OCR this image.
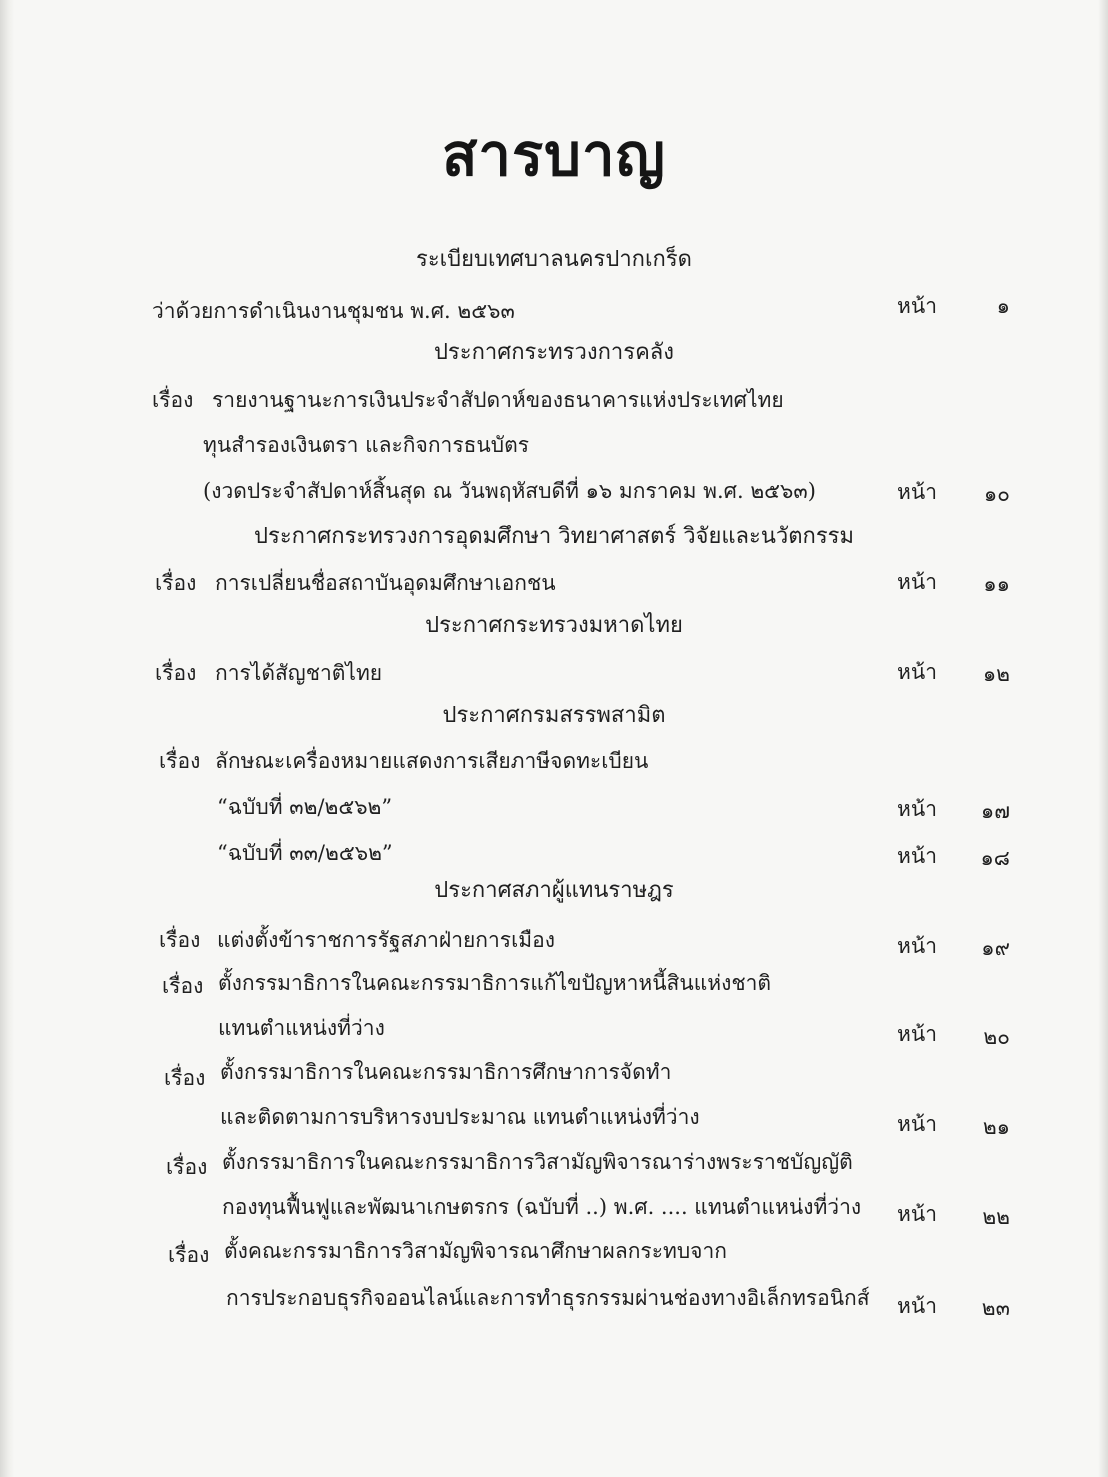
สารบาญ
ระเบียบเทศบาลนครปากเกร็ด
ว่าด้วยการดำเนินงานชุมชน พ.ศ. ๒๕๖๓	หน้า	๑
ประกาศกระทรวงการคลัง
เรื่อง รายงานฐานะการเงินประจำสัปดาห์ของธนาคารแห่งประเทศไทย
ทุนสำรองเงินตรา และกิจการธนบัตร
(งวดประจำสัปดาห์สิ้นสุด ณ วันพฤหัสบดีที่ ๑๖ มกราคม พ.ศ. ๒๕๖๓)	หน้า	๑๐
ประกาศกระทรวงการอุดมศึกษา วิทยาศาสตร์ วิจัยและนวัตกรรม
เรื่อง การเปลี่ยนชื่อสถาบันอุดมศึกษาเอกชน	หน้า	๑๑
ประกาศกระทรวงมหาดไทย
เรื่อง การได้สัญชาติไทย	หน้า	๑๒
ประกาศกรมสรรพสามิต
เรื่อง ลักษณะเครื่องหมายแสดงการเสียภาษีจดทะเบียน
“ฉบับที่ ๓๒/๒๕๖๒”	หน้า	๑๗
“ฉบับที่ ๓๓/๒๕๖๒”	หน้า	๑๘
ประกาศสภาผู้แทนราษฎร
เรื่อง แต่งตั้งข้าราชการรัฐสภาฝ่ายการเมือง	หน้า	๑๙
เรื่อง ตั้งกรรมาธิการในคณะกรรมาธิการแก้ไขปัญหาหนี้สินแห่งชาติ
แทนตำแหน่งที่ว่าง	หน้า	๒๐
เรื่อง ตั้งกรรมาธิการในคณะกรรมาธิการศึกษาการจัดทำ
และติดตามการบริหารงบประมาณ แทนตำแหน่งที่ว่าง	หน้า	๒๑
เรื่อง ตั้งกรรมาธิการในคณะกรรมาธิการวิสามัญพิจารณาร่างพระราชบัญญัติ
กองทุนฟื้นฟูและพัฒนาเกษตรกร (ฉบับที่ ..) พ.ศ. .... แทนตำแหน่งที่ว่าง หน้า	๒๒
เรื่อง ตั้งคณะกรรมาธิการวิสามัญพิจารณาศึกษาผลกระทบจาก
การประกอบธุรกิจออนไลน์และการทำธุรกรรมผ่านช่องทางอิเล็กทรอนิกส์ หน้า	๒๓
